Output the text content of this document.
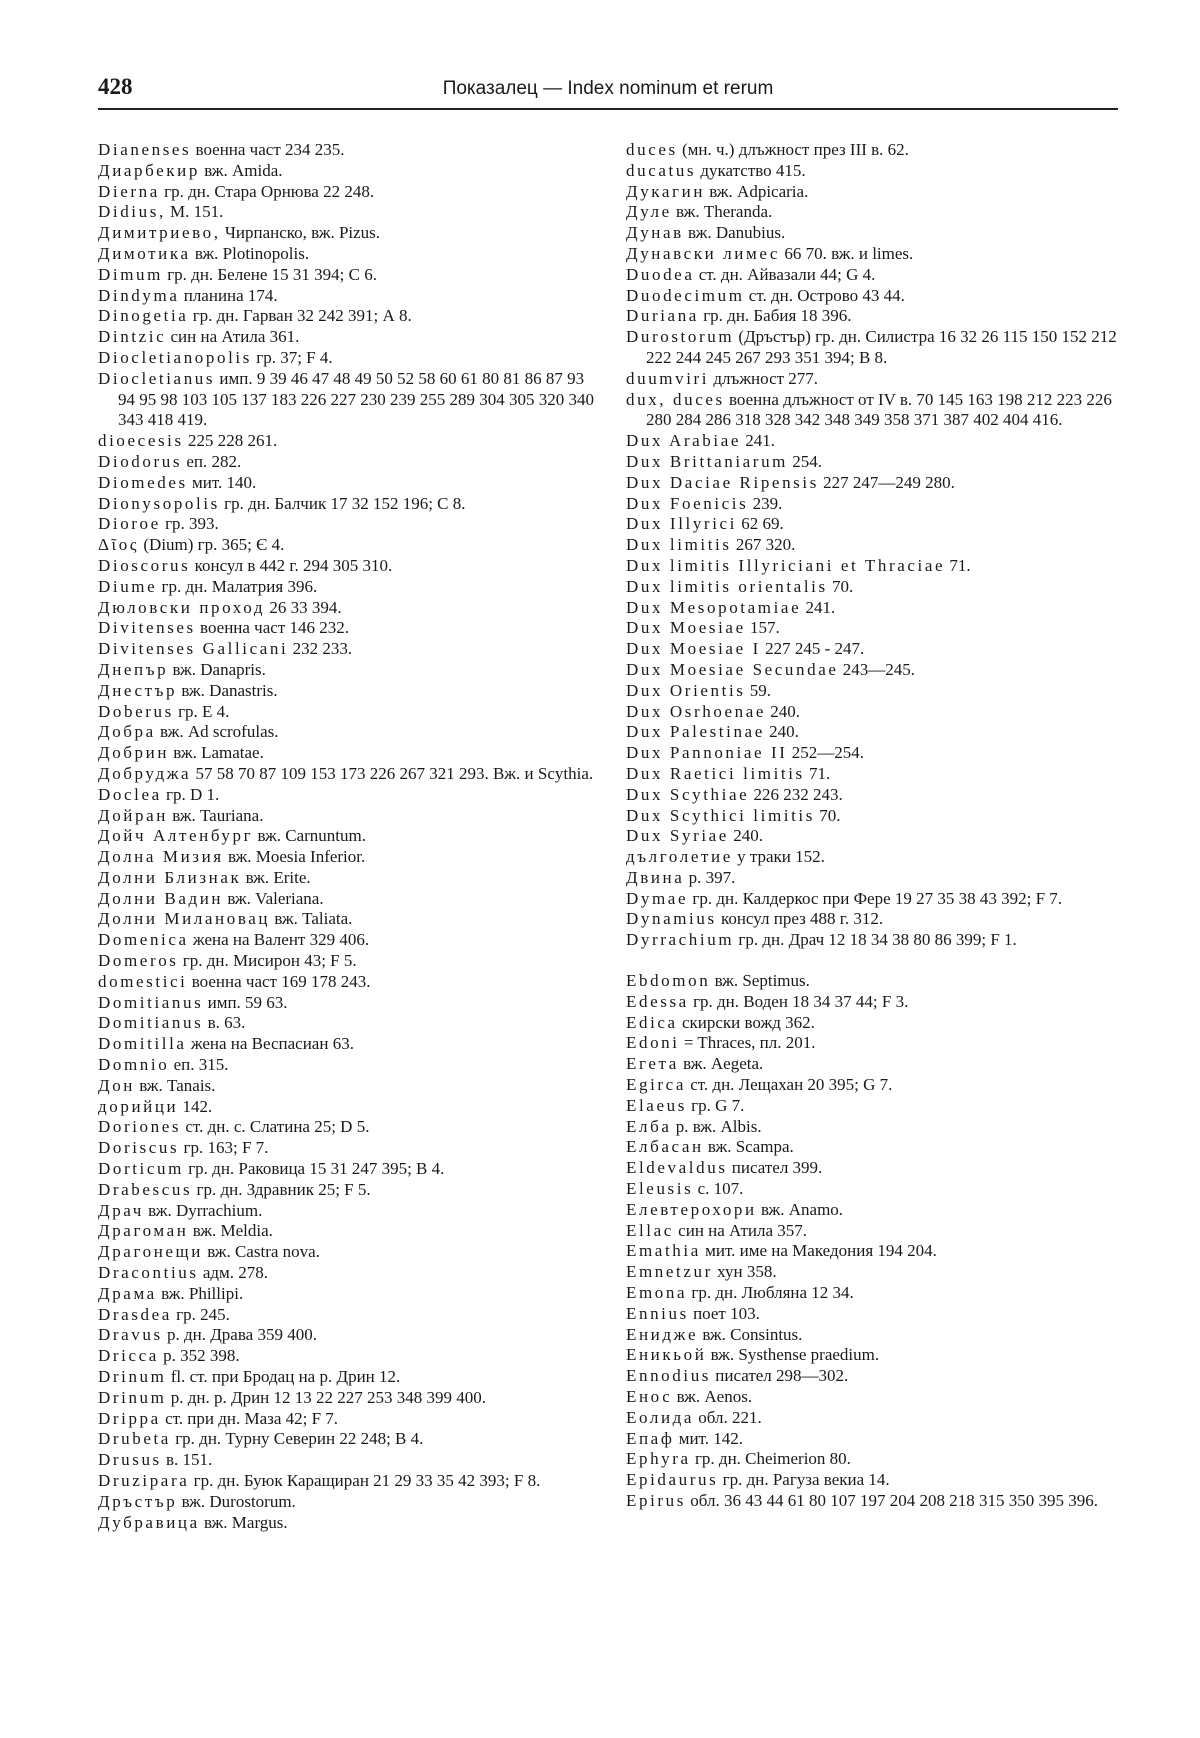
428	Показалец — Index nominum et rerum
Dianenses военна част 234 235.
Диарбекир вж. Amida.
Dierna гр. дн. Стара Орнюва 22 248.
Didius, M. 151.
Димитриево, Чирпанско, вж. Pizus.
Димотика вж. Plotinopolis.
Dimum гр. дн. Белене 15 31 394; С 6.
Dindyma планина 174.
Dinogetia гр. дн. Гарван 32 242 391; А 8.
Dintzic син на Атила 361.
Diocletianopolis гр. 37; F 4.
Diocletianus имп. 9 39 46 47 48 49 50 52 58 60 61 80 81 86 87 93 94 95 98 103 105 137 183 226 227 230 239 255 289 304 305 320 340 343 418 419.
dioecesis 225 228 261.
Diodorus еп. 282.
Diomedes мит. 140.
Dionysopolis гр. дн. Балчик 17 32 152 196; С 8.
Dioroe гр. 393.
Δῖος (Dium) гр. 365; Є 4.
Dioscorus консул в 442 г. 294 305 310.
Diume гр. дн. Малатрия 396.
Дюловски проход 26 33 394.
Divitenses военна част 146 232.
Divitenses Gallicani 232 233.
Днепър вж. Danapris.
Днестър вж. Danastris.
Doberus гр. Е 4.
Добра вж. Ad scrofulas.
Добрин вж. Lamatae.
Добруджа 57 58 70 87 109 153 173 226 267 321 293. Вж. и Scythia.
Doclea гр. D 1.
Дойран вж. Tauriana.
Дойч Алтенбург вж. Carnuntum.
Долна Мизия вж. Moesia Inferior.
Долни Близнак вж. Erite.
Долни Вадин вж. Valeriana.
Долни Милановац вж. Taliata.
Domenica жена на Валент 329 406.
Domeros гр. дн. Мисирон 43; F 5.
domestici военна част 169 178 243.
Domitianus имп. 59 63.
Domitianus в. 63.
Domitilla жена на Веспасиан 63.
Domnio еп. 315.
Дон вж. Tanais.
дорийци 142.
Doriones ст. дн. с. Слатина 25; D 5.
Doriscus гр. 163; F 7.
Dorticum гр. дн. Раковица 15 31 247 395; В 4.
Drabescus гр. дн. Здравник 25; F 5.
Драч вж. Dyrrachium.
Драгоман вж. Meldia.
Драгонещи вж. Castra nova.
Dracontius адм. 278.
Драма вж. Phillipi.
Drasdea гр. 245.
Dravus р. дн. Драва 359 400.
Dricca р. 352 398.
Drinum fl. ст. при Бродац на р. Дрин 12.
Drinum р. дн. р. Дрин 12 13 22 227 253 348 399 400.
Drippa ст. при дн. Маза 42; F 7.
Drubeta гр. дн. Турну Северин 22 248; В 4.
Drusus в. 151.
Druzipara гр. дн. Буюк Каращиран 21 29 33 35 42 393; F 8.
Дръстър вж. Durostorum.
Дубравица вж. Margus.
duces (мн. ч.) длъжност през III в. 62.
ducatus дукатство 415.
Дукагин вж. Adpicaria.
Дуле вж. Theranda.
Дунав вж. Danubius.
Дунавски лимес 66 70. вж. и limes.
Duodea ст. дн. Айвазали 44; G 4.
Duodecimum ст. дн. Острово 43 44.
Duriana гр. дн. Бабия 18 396.
Durostorum (Дръстър) гр. дн. Силистра 16 32 26 115 150 152 212 222 244 245 267 293 351 394; В 8.
duumviri длъжност 277.
dux, duces военна длъжност от IV в. 70 145 163 198 212 223 226 280 284 286 318 328 342 348 349 358 371 387 402 404 416.
Dux Arabiae 241.
Dux Brittaniarum 254.
Dux Daciae Ripensis 227 247—249 280.
Dux Foenicis 239.
Dux Illyrici 62 69.
Dux limitis 267 320.
Dux limitis Illyriciani et Thraciae 71.
Dux limitis orientalis 70.
Dux Mesopotamiae 241.
Dux Moesiae 157.
Dux Moesiae I 227 245 - 247.
Dux Moesiae Secundae 243—245.
Dux Orientis 59.
Dux Osrhoenae 240.
Dux Palestinae 240.
Dux Pannoniae II 252—254.
Dux Raetici limitis 71.
Dux Scythiae 226 232 243.
Dux Scythici limitis 70.
Dux Syriae 240.
дълголетие у траки 152.
Двина р. 397.
Dymae гр. дн. Калдеркос при Фере 19 27 35 38 43 392; F 7.
Dynamius консул през 488 г. 312.
Dyrrachium гр. дн. Драч 12 18 34 38 80 86 399; F 1.
Ebdomon вж. Septimus.
Edessa гр. дн. Воден 18 34 37 44; F 3.
Edica скирски вожд 362.
Edoni = Thraces, пл. 201.
Егета вж. Aegeta.
Egirca ст. дн. Лещахан 20 395; G 7.
Elaeus гр. G 7.
Елба р. вж. Albis.
Елбасан вж. Scampa.
Eldevaldus писател 399.
Eleusis с. 107.
Елевтерохори вж. Anamo.
Ellac син на Атила 357.
Emathia мит. име на Македония 194 204.
Emnetzur хун 358.
Emona гр. дн. Любляна 12 34.
Ennius поет 103.
Ениджe вж. Consintus.
Еникьой вж. Systhense praedium.
Ennodius писател 298—302.
Енос вж. Aenos.
Еолида обл. 221.
Епаф мит. 142.
Ephyra гр. дн. Cheimerion 80.
Epidaurus гр. дн. Рагуза векиа 14.
Epirus обл. 36 43 44 61 80 107 197 204 208 218 315 350 395 396.
